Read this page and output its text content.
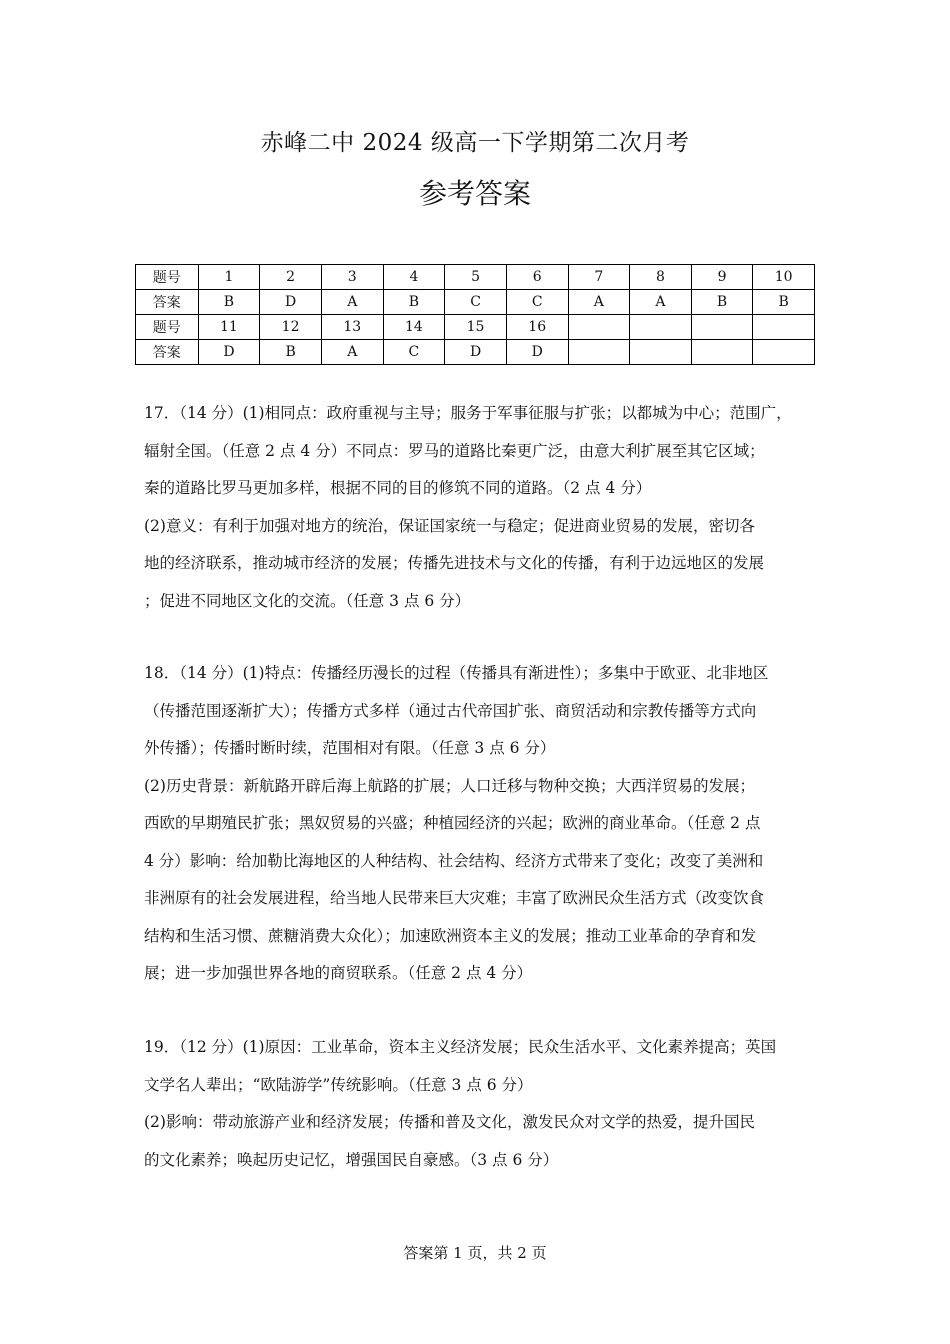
赤峰二中 2024 级高一下学期第二次月考
参考答案
题号	1	2	3	4	5	6	7	8	9	10
答案	B	D	A	B	C	C	A	A	B	B
题号	11	12	13	14	15	16				
答案	D	B	A	C	D	D				
17．（14 分）(1)相同点：政府重视与主导；服务于军事征服与扩张；以都城为中心；范围广，
辐射全国。（任意 2 点 4 分）不同点：罗马的道路比秦更广泛，由意大利扩展至其它区域；
秦的道路比罗马更加多样，根据不同的目的修筑不同的道路。（2 点 4 分）
(2)意义：有利于加强对地方的统治，保证国家统一与稳定；促进商业贸易的发展，密切各
地的经济联系，推动城市经济的发展；传播先进技术与文化的传播，有利于边远地区的发展
；促进不同地区文化的交流。（任意 3 点 6 分）
18．（14 分）(1)特点：传播经历漫长的过程（传播具有渐进性）；多集中于欧亚、北非地区
（传播范围逐渐扩大）；传播方式多样（通过古代帝国扩张、商贸活动和宗教传播等方式向
外传播）；传播时断时续，范围相对有限。（任意 3 点 6 分）
(2)历史背景：新航路开辟后海上航路的扩展；人口迁移与物种交换；大西洋贸易的发展；
西欧的早期殖民扩张；黑奴贸易的兴盛；种植园经济的兴起；欧洲的商业革命。（任意 2 点
4 分）影响：给加勒比海地区的人种结构、社会结构、经济方式带来了变化；改变了美洲和
非洲原有的社会发展进程，给当地人民带来巨大灾难；丰富了欧洲民众生活方式（改变饮食
结构和生活习惯、蔗糖消费大众化）；加速欧洲资本主义的发展；推动工业革命的孕育和发
展；进一步加强世界各地的商贸联系。（任意 2 点 4 分）
19．（12 分）(1)原因：工业革命，资本主义经济发展；民众生活水平、文化素养提高；英国
文学名人辈出；“欧陆游学”传统影响。（任意 3 点 6 分）
(2)影响：带动旅游产业和经济发展；传播和普及文化，激发民众对文学的热爱，提升国民
的文化素养；唤起历史记忆，增强国民自豪感。（3 点 6 分）
答案第 1 页，共 2 页
